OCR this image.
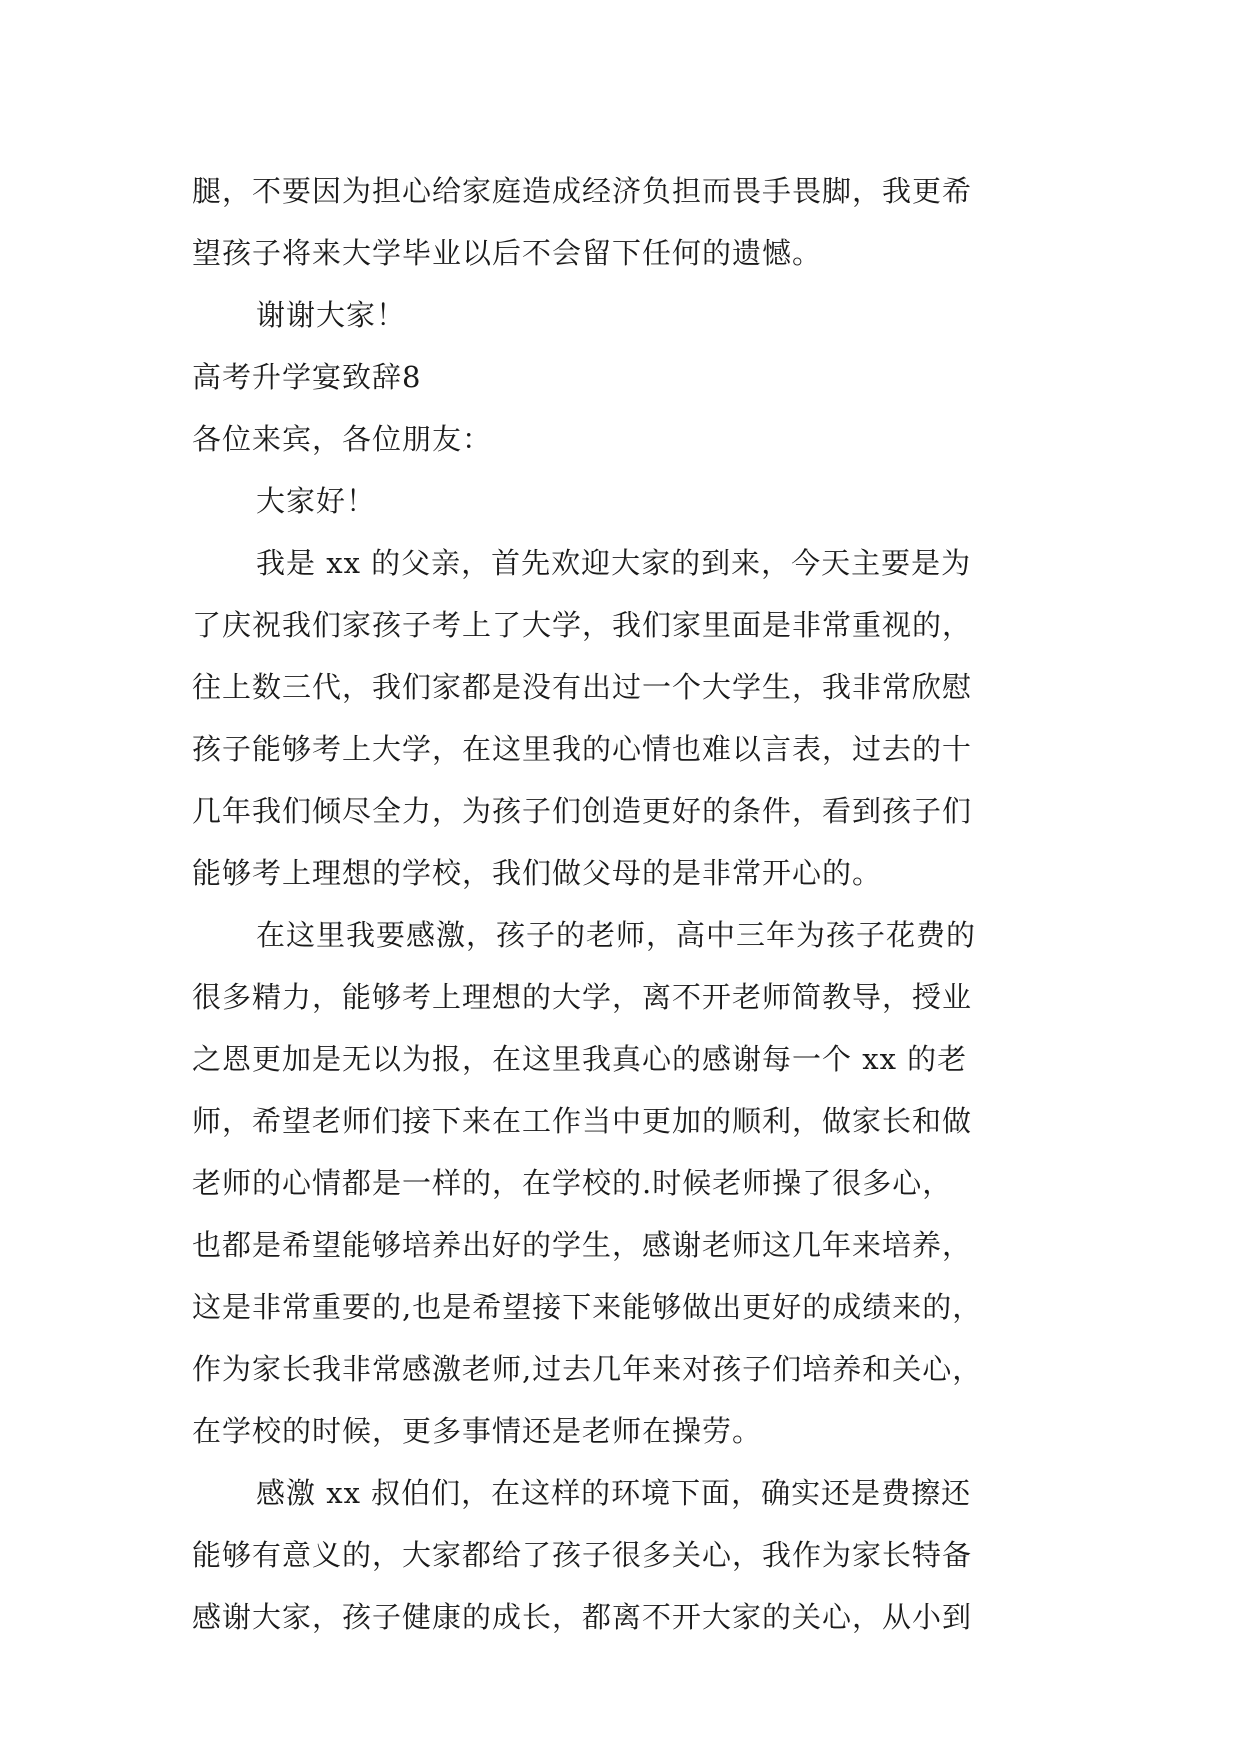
腿，不要因为担心给家庭造成经济负担而畏手畏脚，我更希
望孩子将来大学毕业以后不会留下任何的遗憾。
谢谢大家！
高考升学宴致辞8
各位来宾，各位朋友：
大家好！
我是 xx 的父亲，首先欢迎大家的到来，今天主要是为
了庆祝我们家孩子考上了大学，我们家里面是非常重视的，
往上数三代，我们家都是没有出过一个大学生，我非常欣慰
孩子能够考上大学，在这里我的心情也难以言表，过去的十
几年我们倾尽全力，为孩子们创造更好的条件，看到孩子们
能够考上理想的学校，我们做父母的是非常开心的。
在这里我要感激，孩子的老师，高中三年为孩子花费的
很多精力，能够考上理想的大学，离不开老师简教导，授业
之恩更加是无以为报，在这里我真心的感谢每一个 xx 的老
师，希望老师们接下来在工作当中更加的顺利，做家长和做
老师的心情都是一样的，在学校的.时候老师操了很多心，
也都是希望能够培养出好的学生，感谢老师这几年来培养，
这是非常重要的,也是希望接下来能够做出更好的成绩来的，
作为家长我非常感激老师,过去几年来对孩子们培养和关心，
在学校的时候，更多事情还是老师在操劳。
感激 xx 叔伯们，在这样的环境下面，确实还是费擦还
能够有意义的，大家都给了孩子很多关心，我作为家长特备
感谢大家，孩子健康的成长，都离不开大家的关心，从小到
